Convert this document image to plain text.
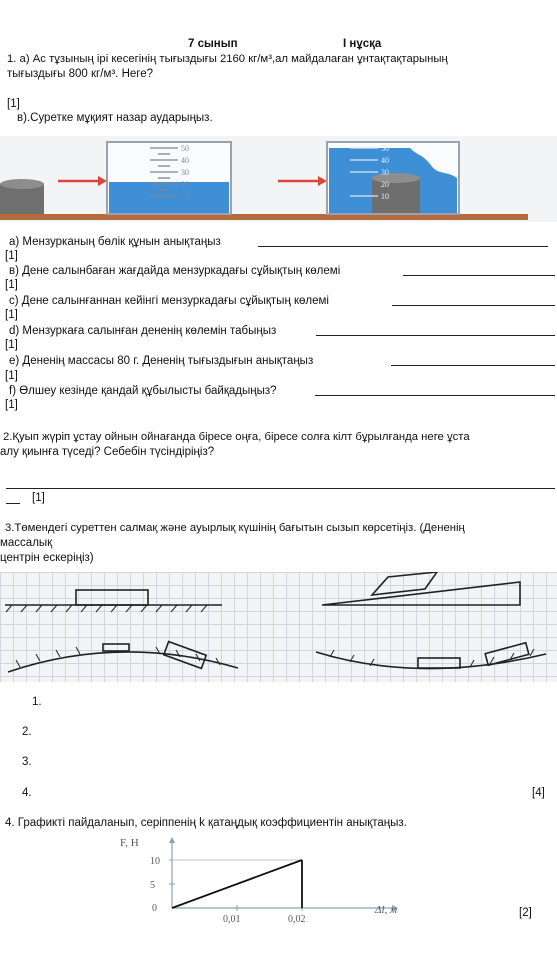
7 сынып	I нұсқа
1. а) Ас тұзының ірі кесегінің тығыздығы 2160 кг/м³,ал майдалаған ұнтақтақтарының
тығыздығы 800 кг/м³. Неге?
[1]
в).Суретке мұқият назар аударыңыз.
50
40
30
20
10
50
40
30
20
10
а) Мензурканың бөлік құнын анықтаңыз
[1]
в) Дене салынбаған жағдайда мензуркадағы сұйықтың көлемі
[1]
с) Дене салынғаннан кейінгі мензуркадағы сұйықтың көлемі
[1]
d) Мензуркаға салынған дененің көлемін табыңыз
[1]
е) Дененің массасы 80 г. Дененің тығыздығын анықтаңыз
[1]
f) Өлшеу кезінде қандай құбылысты байқадыңыз?
[1]
2.Қуып жүріп ұстау ойнын ойнағанда біресе оңға, біресе солға кілт бұрылғанда неге ұста
алу қиынға түседі? Себебін түсіндіріңіз?
[1]
3.Төмендегі суреттен салмақ және ауырлық күшінің бағытын сызып көрсетіңіз. (Дененің
массалық
центрін ескеріңіз)
1.
2.
3.
4.	[4]
4. Графикті пайдаланып, серіппенің k қатаңдық коэффициентін анықтаңыз.
F, Н
Δl, м
0
5
10
0,01	0,02
[2]
